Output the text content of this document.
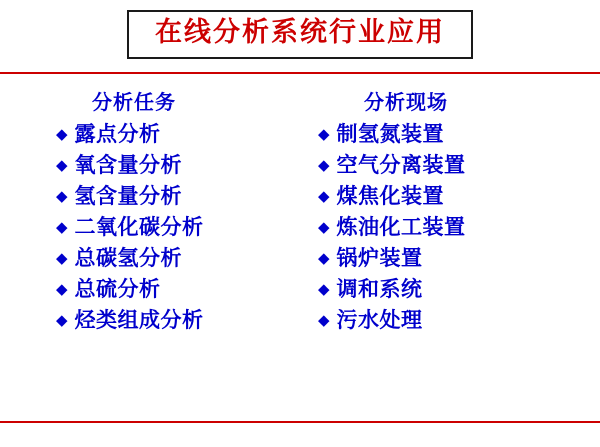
在线分析系统行业应用
分析任务
◆ 露点分析
◆ 氧含量分析
◆ 氢含量分析
◆ 二氧化碳分析
◆ 总碳氢分析
◆ 总硫分析
◆ 烃类组成分析
分析现场
◆ 制氢氮装置
◆ 空气分离装置
◆ 煤焦化装置
◆ 炼油化工装置
◆ 锅炉装置
◆ 调和系统
◆ 污水处理
